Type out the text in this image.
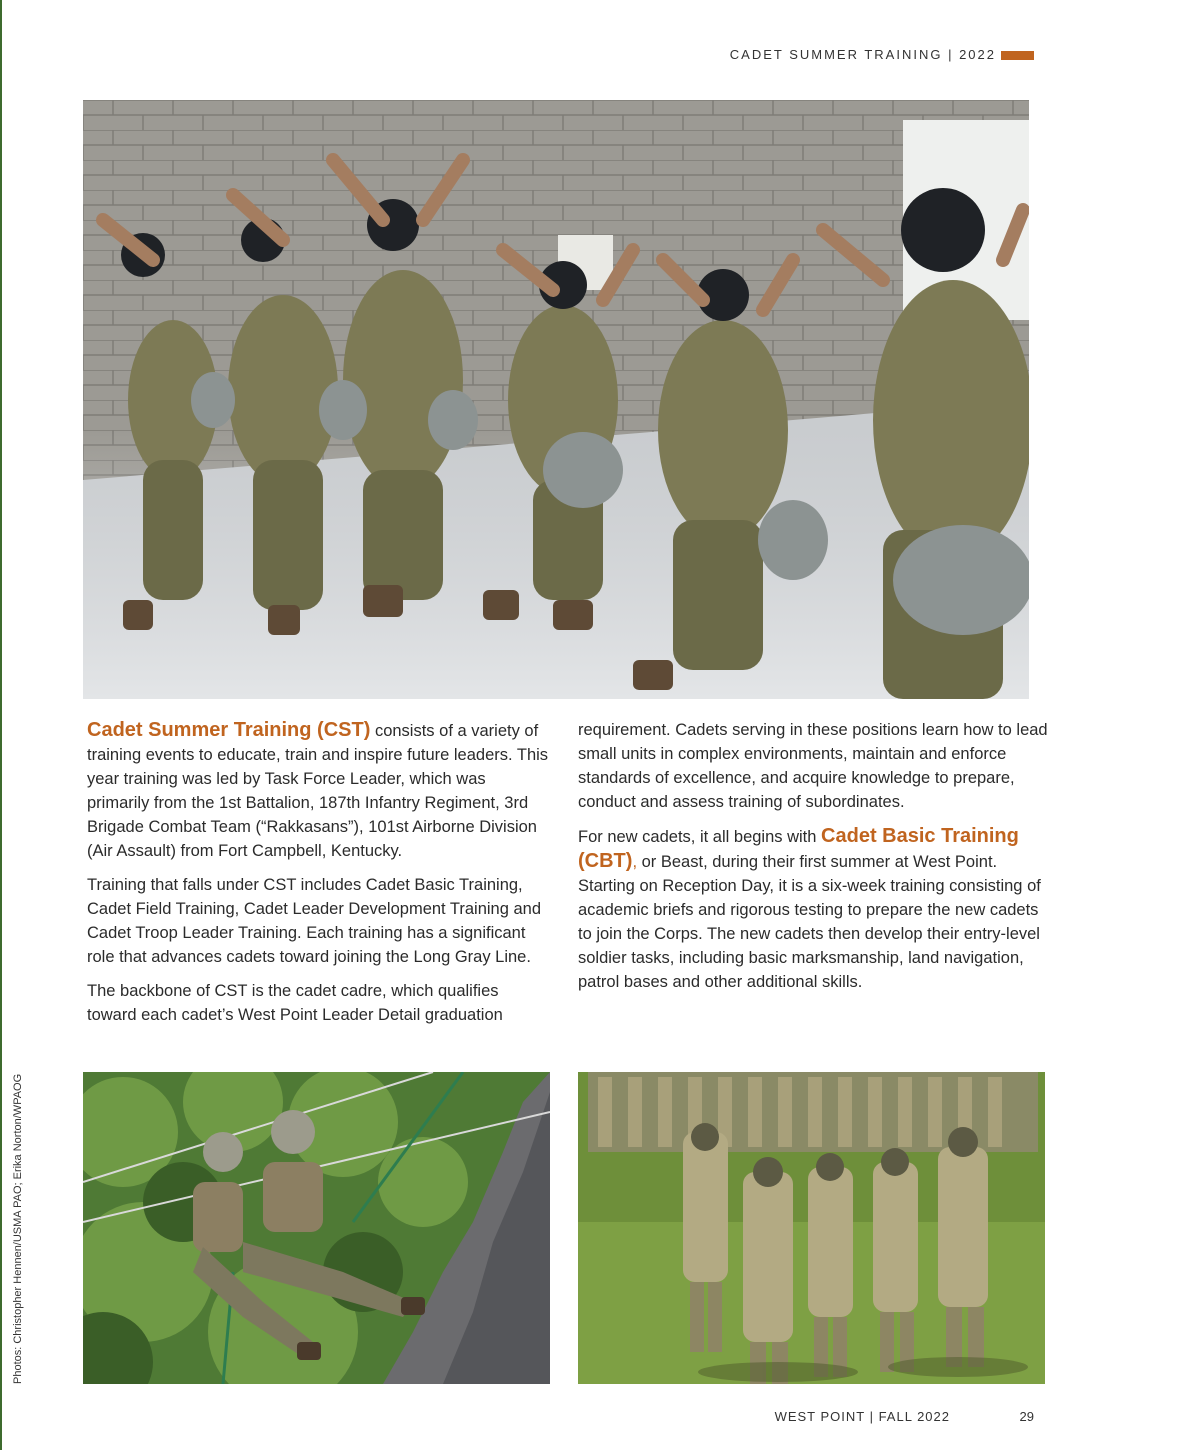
CADET SUMMER TRAINING | 2022

Cadet Summer Training (CST) consists of a variety of training events to educate, train and inspire future leaders. This year training was led by Task Force Leader, which was primarily from the 1st Battalion, 187th Infantry Regiment, 3rd Brigade Combat Team (“Rakkasans”), 101st Airborne Division (Air Assault) from Fort Campbell, Kentucky.

Training that falls under CST includes Cadet Basic Training, Cadet Field Training, Cadet Leader Development Training and Cadet Troop Leader Training. Each training has a significant role that advances cadets toward joining the Long Gray Line.

The backbone of CST is the cadet cadre, which qualifies toward each cadet’s West Point Leader Detail graduation

requirement. Cadets serving in these positions learn how to lead small units in complex environments, maintain and enforce standards of excellence, and acquire knowledge to prepare, conduct and assess training of subordinates.

For new cadets, it all begins with Cadet Basic Training (CBT), or Beast, during their first summer at West Point. Starting on Reception Day, it is a six-week training consisting of academic briefs and rigorous testing to prepare the new cadets to join the Corps. The new cadets then develop their entry-level soldier tasks, including basic marksmanship, land navigation, patrol bases and other additional skills.

Photos: Christopher Hennen/USMA PAO; Erika Norton/WPAOG
WEST POINT | FALL 2022	29
